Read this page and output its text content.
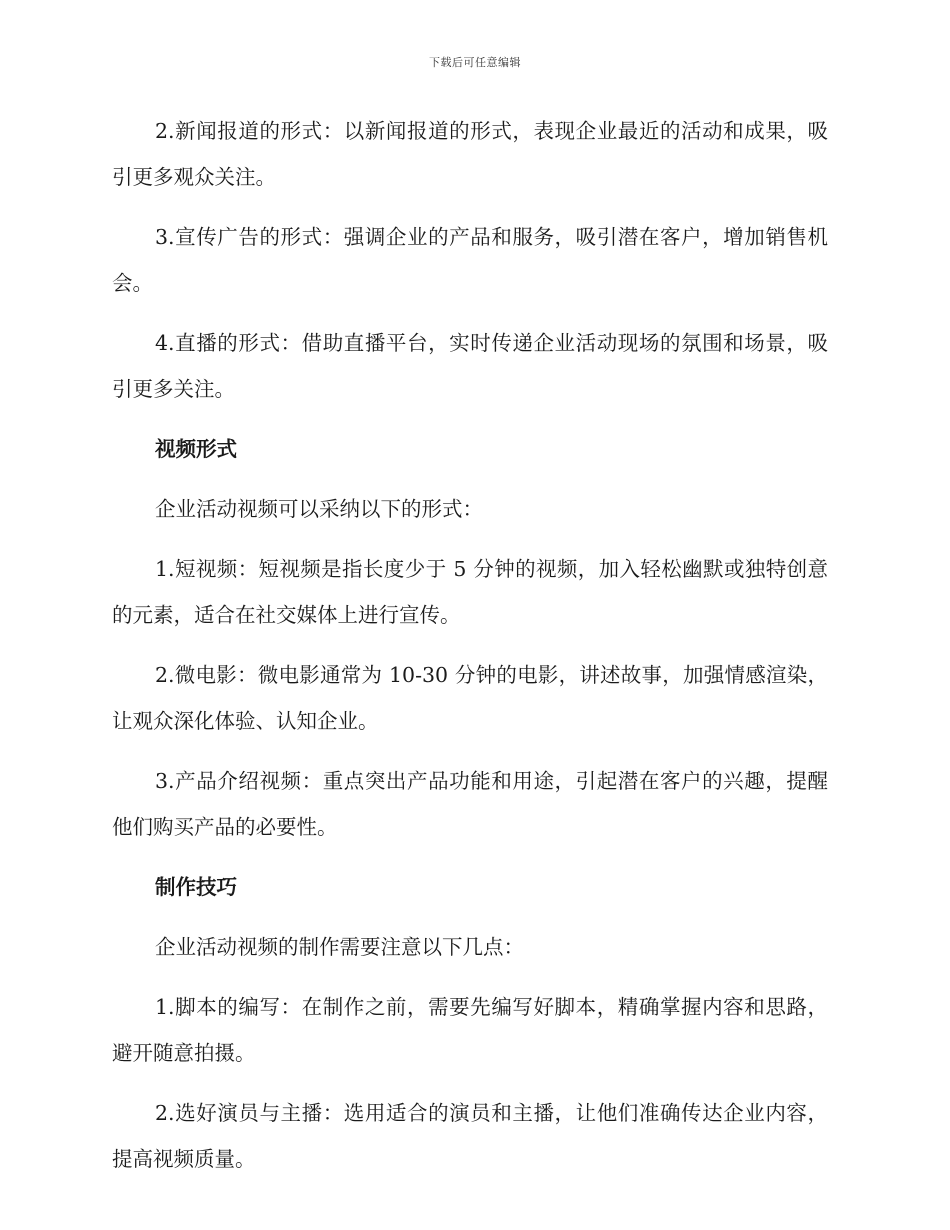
下载后可任意编辑

2.新闻报道的形式：以新闻报道的形式，表现企业最近的活动和成果，吸引更多观众关注。

3.宣传广告的形式：强调企业的产品和服务，吸引潜在客户，增加销售机会。

4.直播的形式：借助直播平台，实时传递企业活动现场的氛围和场景，吸引更多关注。

视频形式

企业活动视频可以采纳以下的形式：

1.短视频：短视频是指长度少于 5 分钟的视频，加入轻松幽默或独特创意的元素，适合在社交媒体上进行宣传。

2.微电影：微电影通常为 10-30 分钟的电影，讲述故事，加强情感渲染，让观众深化体验、认知企业。

3.产品介绍视频：重点突出产品功能和用途，引起潜在客户的兴趣，提醒他们购买产品的必要性。

制作技巧

企业活动视频的制作需要注意以下几点：

1.脚本的编写：在制作之前，需要先编写好脚本，精确掌握内容和思路，避开随意拍摄。

2.选好演员与主播：选用适合的演员和主播，让他们准确传达企业内容，提高视频质量。
